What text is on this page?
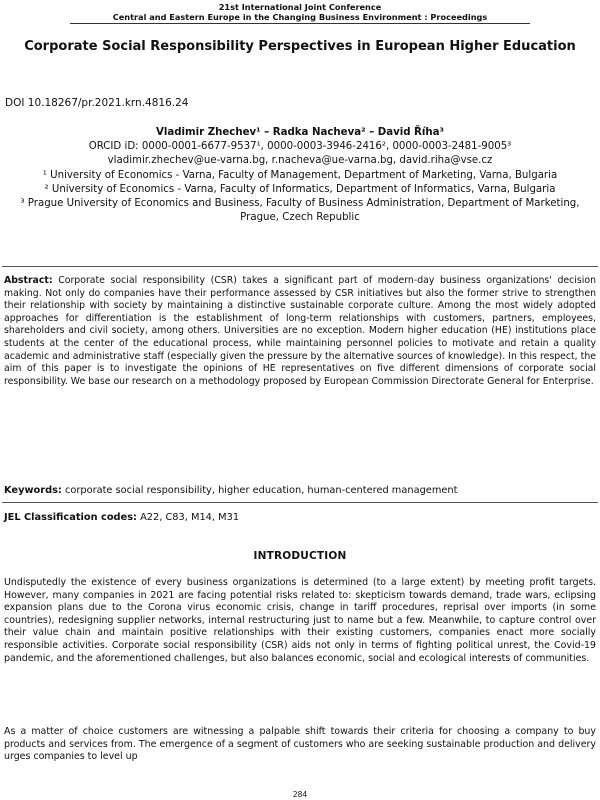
21st International Joint Conference
Central and Eastern Europe in the Changing Business Environment : Proceedings
Corporate Social Responsibility Perspectives in European Higher Education
DOI 10.18267/pr.2021.krn.4816.24
Vladimir Zhechev¹ – Radka Nacheva² – David Říha³
ORCID iD: 0000-0001-6677-9537¹, 0000-0003-3946-2416², 0000-0003-2481-9005³
vladimir.zhechev@ue-varna.bg, r.nacheva@ue-varna.bg, david.riha@vse.cz
¹ University of Economics - Varna, Faculty of Management, Department of Marketing, Varna, Bulgaria
² University of Economics - Varna, Faculty of Informatics, Department of Informatics, Varna, Bulgaria
³ Prague University of Economics and Business, Faculty of Business Administration, Department of Marketing, Prague, Czech Republic
Abstract: Corporate social responsibility (CSR) takes a significant part of modern-day business organizations' decision making. Not only do companies have their performance assessed by CSR initiatives but also the former strive to strengthen their relationship with society by maintaining a distinctive sustainable corporate culture. Among the most widely adopted approaches for differentiation is the establishment of long-term relationships with customers, partners, employees, shareholders and civil society, among others. Universities are no exception. Modern higher education (HE) institutions place students at the center of the educational process, while maintaining personnel policies to motivate and retain a quality academic and administrative staff (especially given the pressure by the alternative sources of knowledge). In this respect, the aim of this paper is to investigate the opinions of HE representatives on five different dimensions of corporate social responsibility. We base our research on a methodology proposed by European Commission Directorate General for Enterprise.
Keywords: corporate social responsibility, higher education, human-centered management
JEL Classification codes: A22, C83, M14, M31
INTRODUCTION
Undisputedly the existence of every business organizations is determined (to a large extent) by meeting profit targets. However, many companies in 2021 are facing potential risks related to: skepticism towards demand, trade wars, eclipsing expansion plans due to the Corona virus economic crisis, change in tariff procedures, reprisal over imports (in some countries), redesigning supplier networks, internal restructuring just to name but a few. Meanwhile, to capture control over their value chain and maintain positive relationships with their existing customers, companies enact more socially responsible activities. Corporate social responsibility (CSR) aids not only in terms of fighting political unrest, the Covid-19 pandemic, and the aforementioned challenges, but also balances economic, social and ecological interests of communities.
As a matter of choice customers are witnessing a palpable shift towards their criteria for choosing a company to buy products and services from. The emergence of a segment of customers who are seeking sustainable production and delivery urges companies to level up
284
